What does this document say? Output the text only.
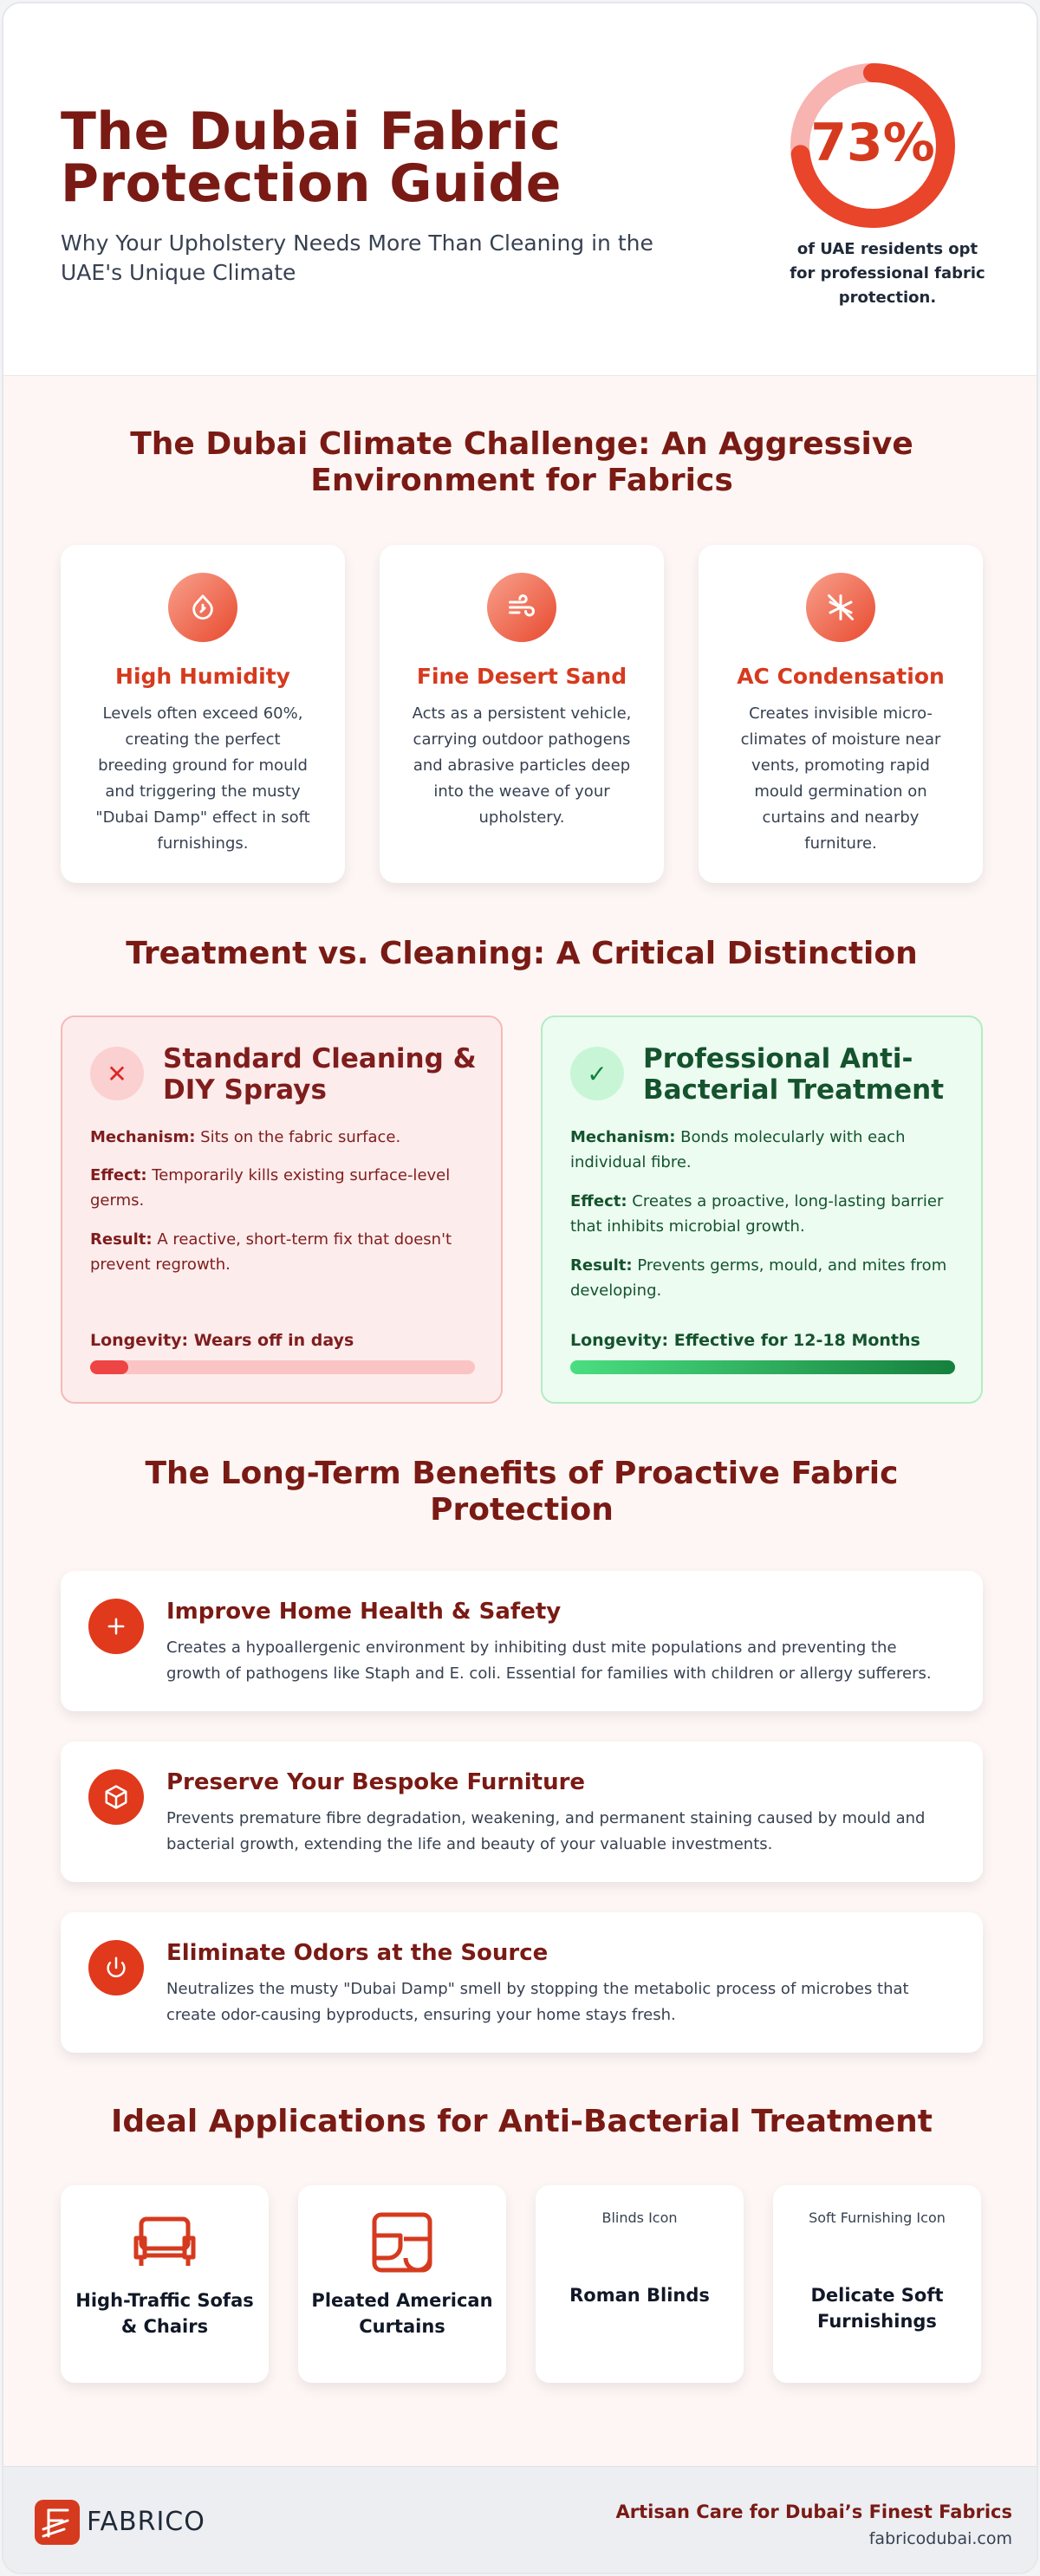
The Dubai Fabric Protection Guide

Why Your Upholstery Needs More Than Cleaning in the UAE's Unique Climate

73%
of UAE residents opt for professional fabric protection.
The Dubai Climate Challenge: An Aggressive Environment for Fabrics
High Humidity

Levels often exceed 60%, creating the perfect breeding ground for mould and triggering the musty "Dubai Damp" effect in soft furnishings.

Fine Desert Sand

Acts as a persistent vehicle, carrying outdoor pathogens and abrasive particles deep into the weave of your upholstery.

AC Condensation

Creates invisible micro-climates of moisture near vents, promoting rapid mould germination on curtains and nearby furniture.

Treatment vs. Cleaning: A Critical Distinction
✕	Standard Cleaning & DIY Sprays
Mechanism: Sits on the fabric surface.
Effect: Temporarily kills existing surface-level germs.
Result: A reactive, short-term fix that doesn't prevent regrowth.
Longevity: Wears off in days
✓	Professional Anti-Bacterial Treatment
Mechanism: Bonds molecularly with each individual fibre.
Effect: Creates a proactive, long-lasting barrier that inhibits microbial growth.
Result: Prevents germs, mould, and mites from developing.
Longevity: Effective for 12-18 Months
The Long-Term Benefits of Proactive Fabric Protection
Improve Home Health & Safety

Creates a hypoallergenic environment by inhibiting dust mite populations and preventing the growth of pathogens like Staph and E. coli. Essential for families with children or allergy sufferers.

Preserve Your Bespoke Furniture

Prevents premature fibre degradation, weakening, and permanent staining caused by mould and bacterial growth, extending the life and beauty of your valuable investments.

Eliminate Odors at the Source

Neutralizes the musty "Dubai Damp" smell by stopping the metabolic process of microbes that create odor-causing byproducts, ensuring your home stays fresh.

Ideal Applications for Anti-Bacterial Treatment
High-Traffic Sofas & Chairs
Pleated American Curtains
Blinds Icon
Roman Blinds
Soft Furnishing Icon
Delicate Soft Furnishings
FABRICO	Artisan Care for Dubai’s Finest Fabrics
fabricodubai.com
